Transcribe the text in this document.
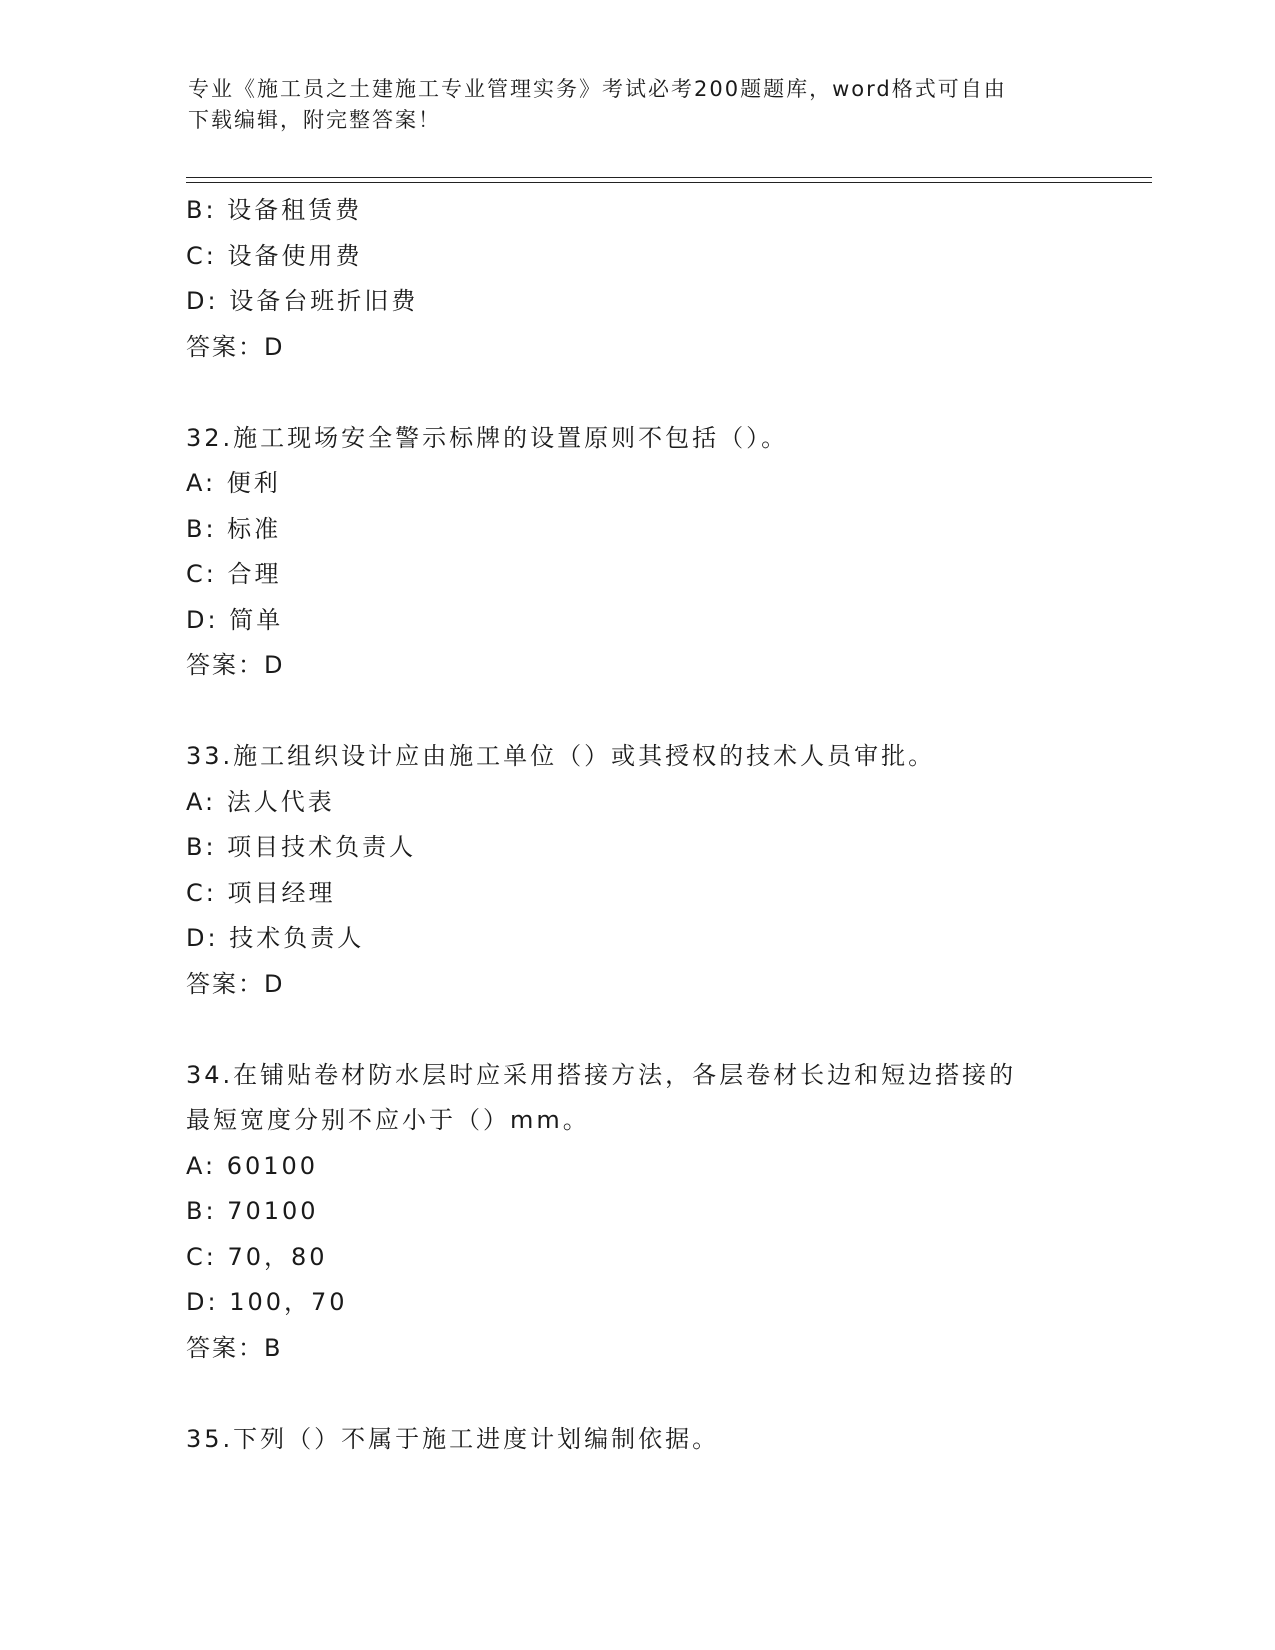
专业《施工员之土建施工专业管理实务》考试必考200题题库，word格式可自由
下载编辑，附完整答案！
B: 设备租赁费
C: 设备使用费
D: 设备台班折旧费
答案：D
32.施工现场安全警示标牌的设置原则不包括（）。
A: 便利
B: 标准
C: 合理
D: 简单
答案：D
33.施工组织设计应由施工单位（）或其授权的技术人员审批。
A: 法人代表
B: 项目技术负责人
C: 项目经理
D: 技术负责人
答案：D
34.在铺贴卷材防水层时应采用搭接方法，各层卷材长边和短边搭接的
最短宽度分别不应小于（）mm。
A: 60100
B: 70100
C: 70，80
D: 100，70
答案：B
35.下列（）不属于施工进度计划编制依据。
